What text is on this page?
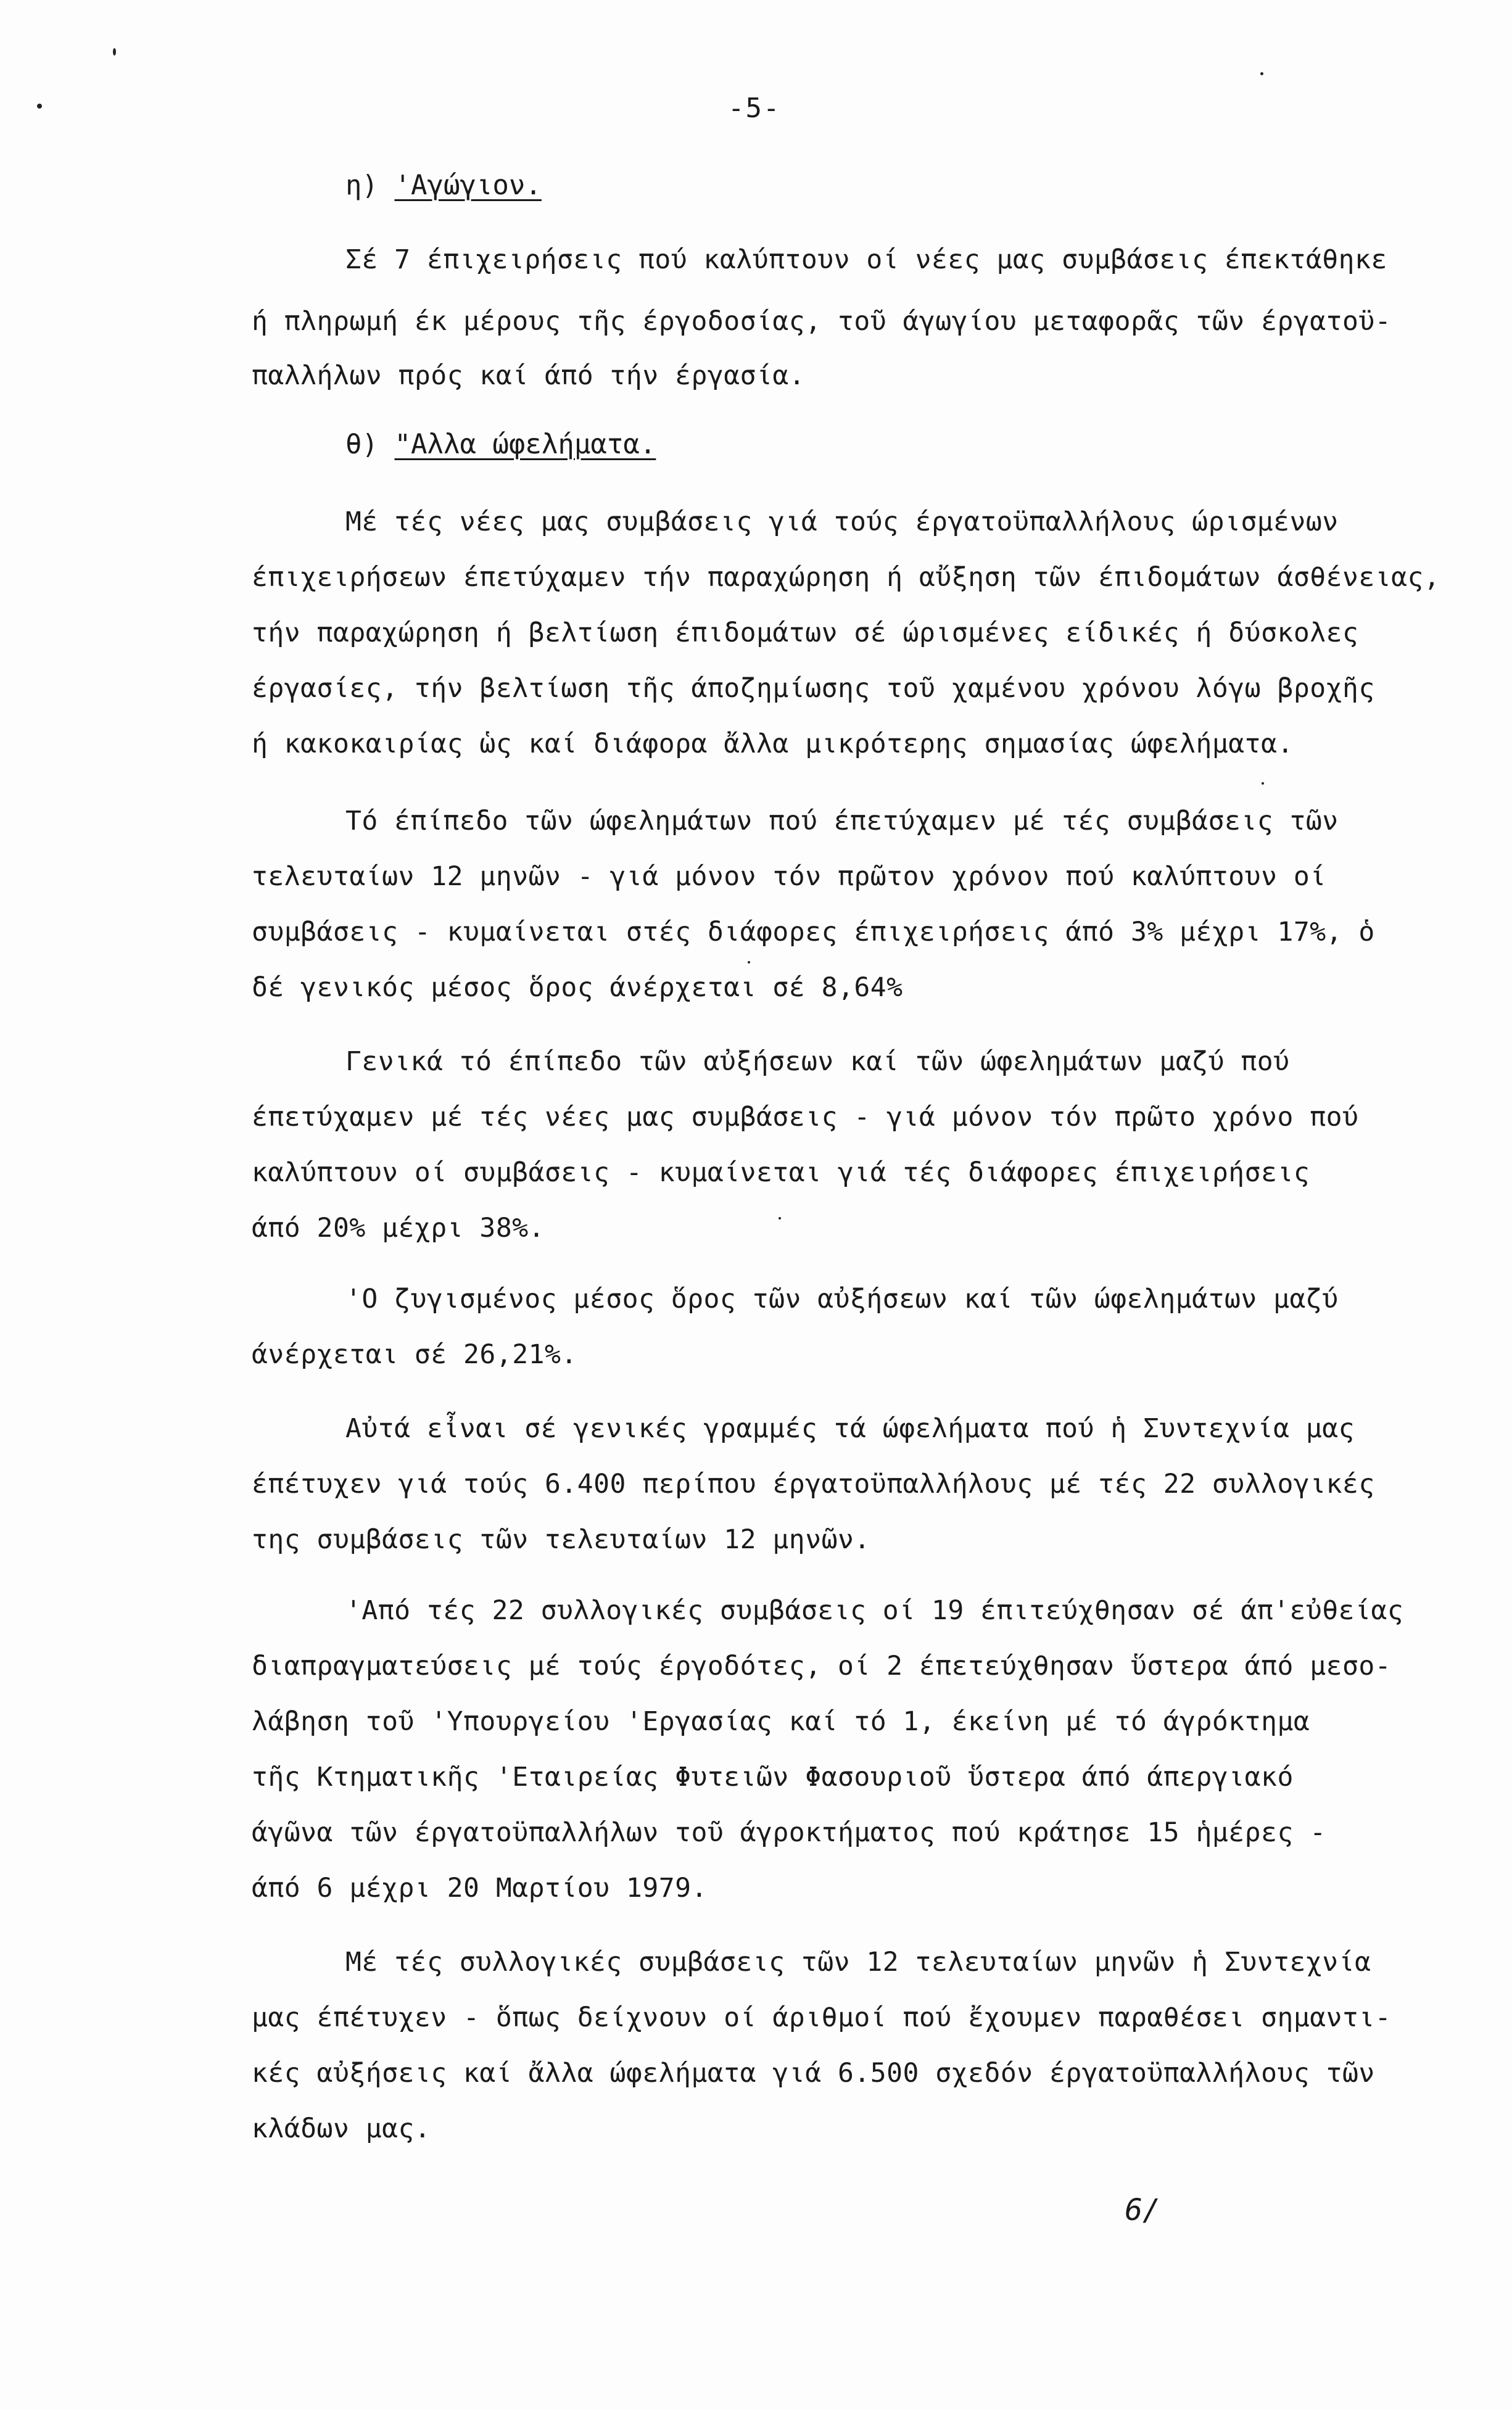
-5-
η) 'Αγώγιον.
Σέ 7 έπιχειρήσεις πού καλύπτουν οί νέες μας συμβάσεις έπεκτάθηκε
ή πληρωμή έκ μέρους τῆς έργοδοσίας, τοῦ άγωγίου μεταφορᾶς τῶν έργατοϋ-
παλλήλων πρός καί άπό τήν έργασία.
θ) "Αλλα ώφελήματα.
Μέ τές νέες μας συμβάσεις γιά τούς έργατοϋπαλλήλους ώρισμένων
έπιχειρήσεων έπετύχαμεν τήν παραχώρηση ή αὔξηση τῶν έπιδομάτων άσθένειας,
τήν παραχώρηση ή βελτίωση έπιδομάτων σέ ώρισμένες είδικές ή δύσκολες
έργασίες, τήν βελτίωση τῆς άποζημίωσης τοῦ χαμένου χρόνου λόγω βροχῆς
ή κακοκαιρίας ὡς καί διάφορα ἄλλα μικρότερης σημασίας ώφελήματα.
Τό έπίπεδο τῶν ώφελημάτων πού έπετύχαμεν μέ τές συμβάσεις τῶν
τελευταίων 12 μηνῶν - γιά μόνον τόν πρῶτον χρόνον πού καλύπτουν οί
συμβάσεις - κυμαίνεται στές διάφορες έπιχειρήσεις άπό 3% μέχρι 17%, ὁ
δέ γενικός μέσος ὅρος άνέρχεται σέ 8,64%
Γενικά τό έπίπεδο τῶν αὐξήσεων καί τῶν ώφελημάτων μαζύ πού
έπετύχαμεν μέ τές νέες μας συμβάσεις - γιά μόνον τόν πρῶτο χρόνο πού
καλύπτουν οί συμβάσεις - κυμαίνεται γιά τές διάφορες έπιχειρήσεις
άπό 20% μέχρι 38%.
'Ο ζυγισμένος μέσος ὅρος τῶν αὐξήσεων καί τῶν ώφελημάτων μαζύ
άνέρχεται σέ 26,21%.
Αὐτά εἶναι σέ γενικές γραμμές τά ώφελήματα πού ἡ Συντεχνία μας
έπέτυχεν γιά τούς 6.400 περίπου έργατοϋπαλλήλους μέ τές 22 συλλογικές
της συμβάσεις τῶν τελευταίων 12 μηνῶν.
'Από τές 22 συλλογικές συμβάσεις οί 19 έπιτεύχθησαν σέ άπ'εὐθείας
διαπραγματεύσεις μέ τούς έργοδότες, οί 2 έπετεύχθησαν ὕστερα άπό μεσο-
λάβηση τοῦ 'Υπουργείου 'Εργασίας καί τό 1, έκείνη μέ τό άγρόκτημα
τῆς Κτηματικῆς 'Εταιρείας Φυτειῶν Φασουριοῦ ὕστερα άπό άπεργιακό
άγῶνα τῶν έργατοϋπαλλήλων τοῦ άγροκτήματος πού κράτησε 15 ἡμέρες -
άπό 6 μέχρι 20 Μαρτίου 1979.
Μέ τές συλλογικές συμβάσεις τῶν 12 τελευταίων μηνῶν ἡ Συντεχνία
μας έπέτυχεν - ὅπως δείχνουν οί άριθμοί πού ἔχουμεν παραθέσει σημαντι-
κές αὐξήσεις καί ἄλλα ώφελήματα γιά 6.500 σχεδόν έργατοϋπαλλήλους τῶν
κλάδων μας.
6/
